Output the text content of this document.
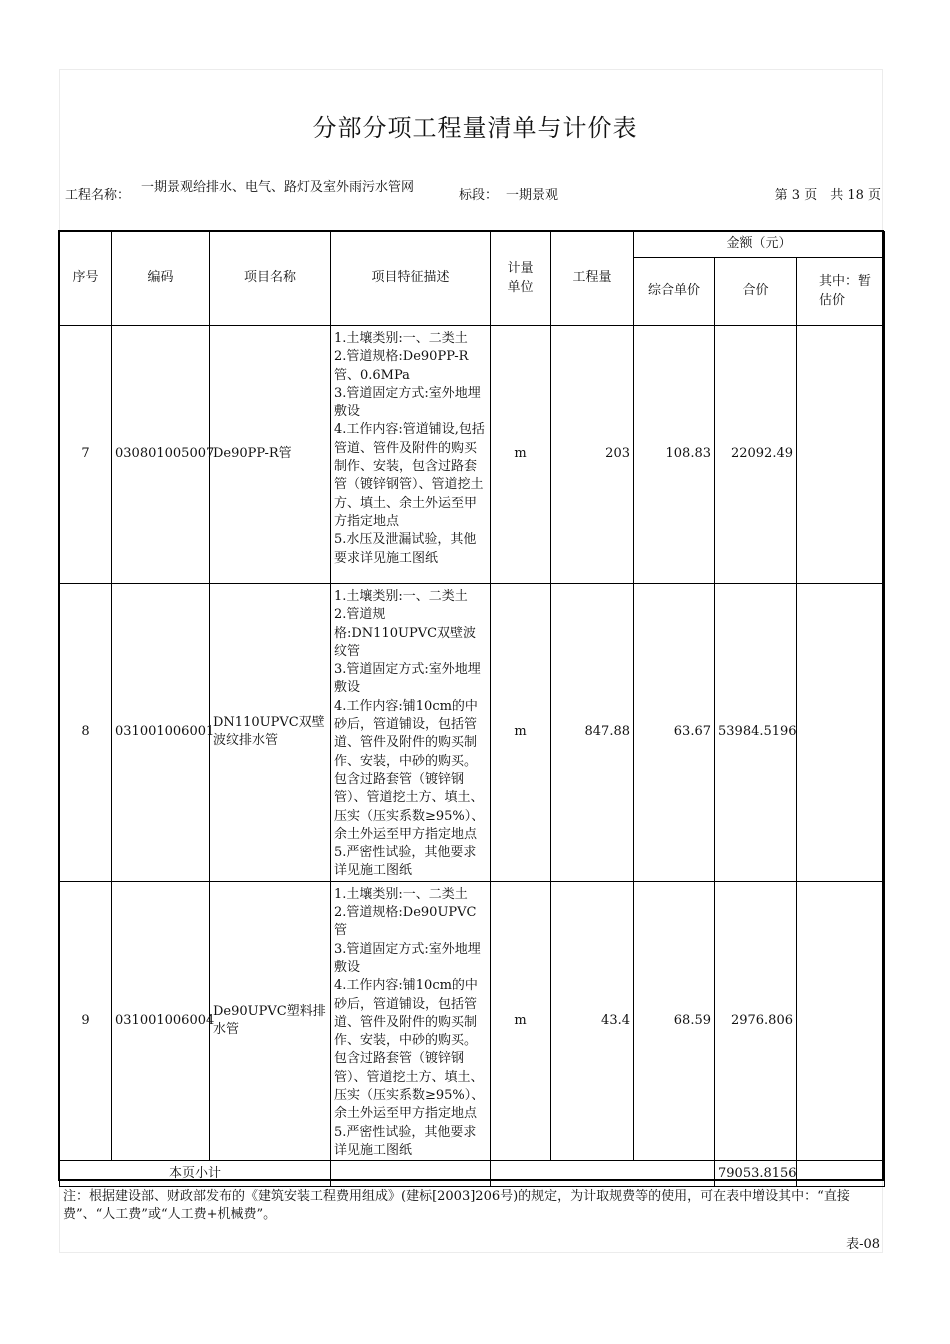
分部分项工程量清单与计价表
工程名称：
一期景观给排水、电气、路灯及室外雨污水管网
标段： 一期景观	第 3 页　共 18 页
序号	编码	项目名称	项目特征描述	计量单位	工程量	金额（元）		
						综合单价	合价	其中：暂估价
7	030801005007	De90PP-R管	1.土壤类别:一、二类土
2.管道规格:De90PP-R管、0.6MPa
3.管道固定方式:室外地埋敷设
4.工作内容:管道铺设,包括管道、管件及附件的购买制作、安装，包含过路套管（镀锌钢管）、管道挖土方、填土、余土外运至甲方指定地点
5.水压及泄漏试验，其他要求详见施工图纸	m	203	108.83	22092.49	
8	031001006001	DN110UPVC双壁波纹排水管	1.土壤类别:一、二类土
2.管道规格:DN110UPVC双壁波纹管
3.管道固定方式:室外地埋敷设
4.工作内容:铺10cm的中砂后，管道铺设，包括管道、管件及附件的购买制作、安装，中砂的购买。包含过路套管（镀锌钢管）、管道挖土方、填土、压实（压实系数≥95%）、余土外运至甲方指定地点
5.严密性试验，其他要求详见施工图纸	m	847.88	63.67	53984.5196	
9	031001006004	De90UPVC塑料排水管	1.土壤类别:一、二类土
2.管道规格:De90UPVC管
3.管道固定方式:室外地埋敷设
4.工作内容:铺10cm的中砂后，管道铺设，包括管道、管件及附件的购买制作、安装，中砂的购买。包含过路套管（镀锌钢管）、管道挖土方、填土、压实（压实系数≥95%）、余土外运至甲方指定地点
5.严密性试验，其他要求详见施工图纸	m	43.4	68.59	2976.806	
本页小计							79053.8156	
注：根据建设部、财政部发布的《建筑安装工程费用组成》(建标[2003]206号)的规定，为计取规费等的使用，可在表中增设其中：“直接费”、“人工费”或“人工费+机械费”。
表-08
